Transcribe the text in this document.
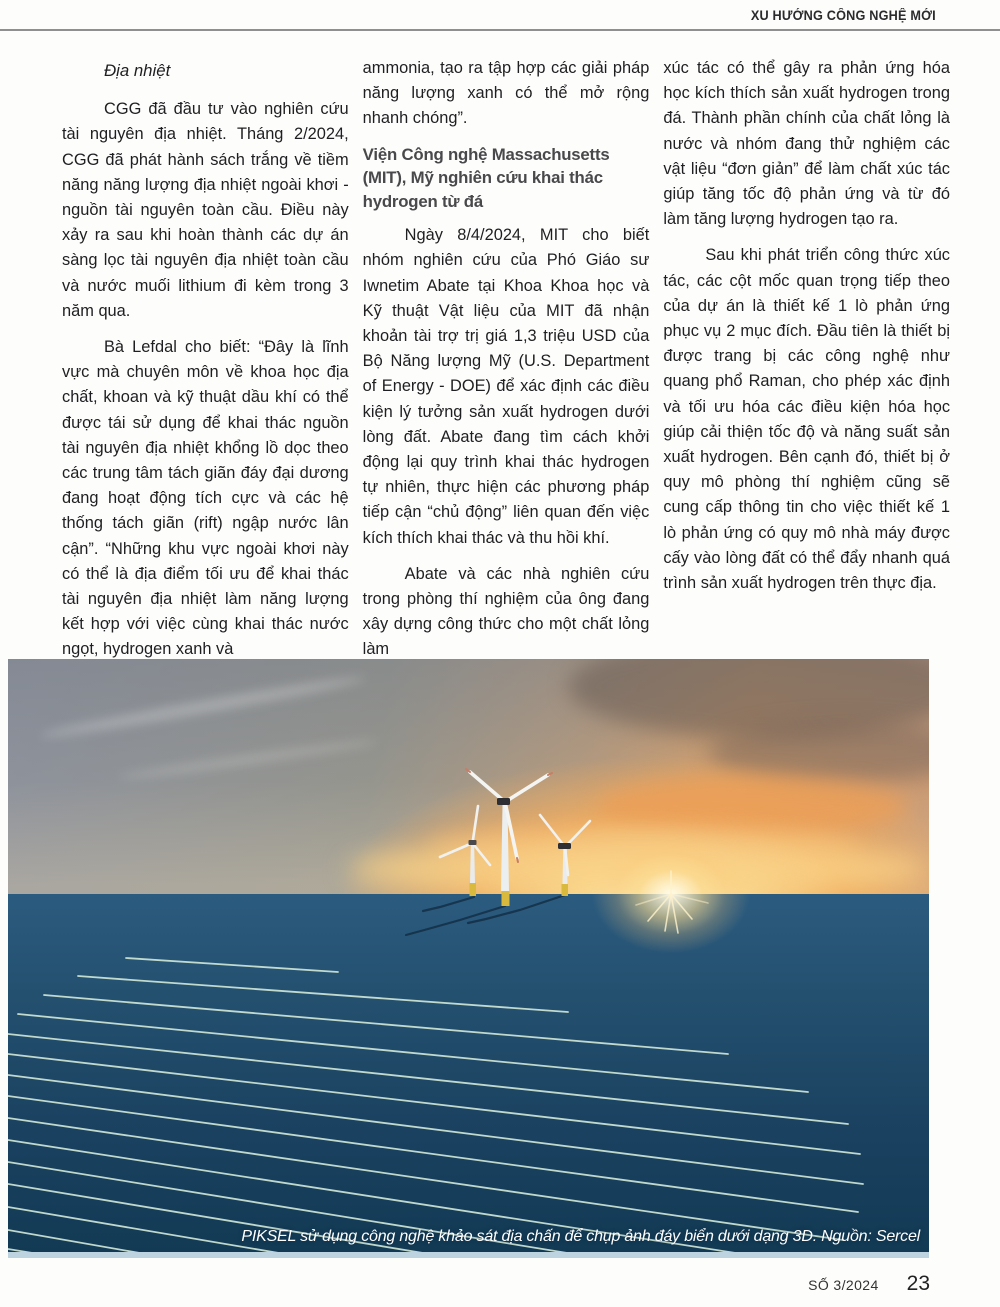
XU HƯỚNG CÔNG NGHỆ MỚI
Địa nhiệt

CGG đã đầu tư vào nghiên cứu tài nguyên địa nhiệt. Tháng 2/2024, CGG đã phát hành sách trắng về tiềm năng năng lượng địa nhiệt ngoài khơi - nguồn tài nguyên toàn cầu. Điều này xảy ra sau khi hoàn thành các dự án sàng lọc tài nguyên địa nhiệt toàn cầu và nước muối lithium đi kèm trong 3 năm qua.

Bà Lefdal cho biết: “Đây là lĩnh vực mà chuyên môn về khoa học địa chất, khoan và kỹ thuật dầu khí có thể được tái sử dụng để khai thác nguồn tài nguyên địa nhiệt khổng lồ dọc theo các trung tâm tách giãn đáy đại dương đang hoạt động tích cực và các hệ thống tách giãn (rift) ngập nước lân cận”. “Những khu vực ngoài khơi này có thể là địa điểm tối ưu để khai thác tài nguyên địa nhiệt làm năng lượng kết hợp với việc cùng khai thác nước ngọt, hydrogen xanh và

ammonia, tạo ra tập hợp các giải pháp năng lượng xanh có thể mở rộng nhanh chóng”.

Viện Công nghệ Massachusetts (MIT), Mỹ nghiên cứu khai thác hydrogen từ đá

Ngày 8/4/2024, MIT cho biết nhóm nghiên cứu của Phó Giáo sư Iwnetim Abate tại Khoa Khoa học và Kỹ thuật Vật liệu của MIT đã nhận khoản tài trợ trị giá 1,3 triệu USD của Bộ Năng lượng Mỹ (U.S. Department of Energy - DOE) để xác định các điều kiện lý tưởng sản xuất hydrogen dưới lòng đất. Abate đang tìm cách khởi động lại quy trình khai thác hydrogen tự nhiên, thực hiện các phương pháp tiếp cận “chủ động” liên quan đến việc kích thích khai thác và thu hồi khí.

Abate và các nhà nghiên cứu trong phòng thí nghiệm của ông đang xây dựng công thức cho một chất lỏng làm

xúc tác có thể gây ra phản ứng hóa học kích thích sản xuất hydrogen trong đá. Thành phần chính của chất lỏng là nước và nhóm đang thử nghiệm các vật liệu “đơn giản” để làm chất xúc tác giúp tăng tốc độ phản ứng và từ đó làm tăng lượng hydrogen tạo ra.

Sau khi phát triển công thức xúc tác, các cột mốc quan trọng tiếp theo của dự án là thiết kế 1 lò phản ứng phục vụ 2 mục đích. Đầu tiên là thiết bị được trang bị các công nghệ như quang phổ Raman, cho phép xác định và tối ưu hóa các điều kiện hóa học giúp cải thiện tốc độ và năng suất sản xuất hydrogen. Bên cạnh đó, thiết bị ở quy mô phòng thí nghiệm cũng sẽ cung cấp thông tin cho việc thiết kế 1 lò phản ứng có quy mô nhà máy được cấy vào lòng đất có thể đẩy nhanh quá trình sản xuất hydrogen trên thực địa.

PIKSEL sử dụng công nghệ khảo sát địa chấn để chụp ảnh đáy biển dưới dạng 3D. Nguồn: Sercel
SỐ 3/2024 23
